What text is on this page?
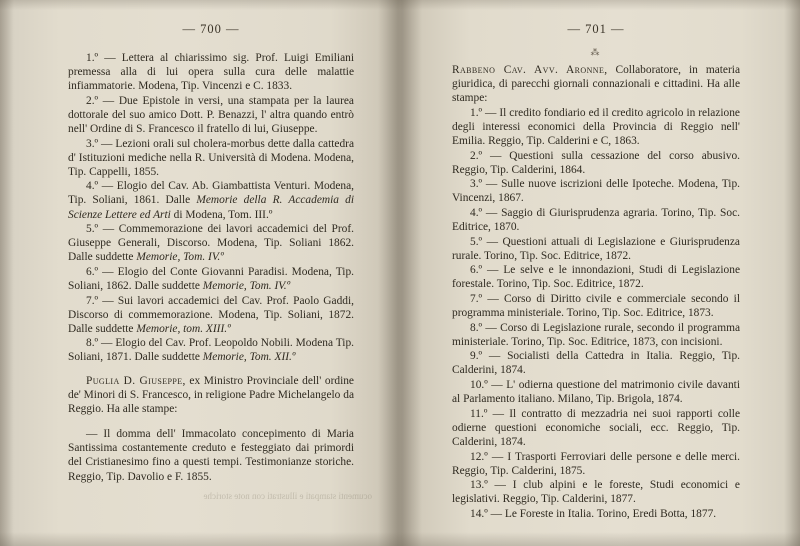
— 700 —

1.º — Lettera al chiarissimo sig. Prof. Luigi Emiliani premessa alla di lui opera sulla cura delle malattie infiammatorie. Modena, Tip. Vincenzi e C. 1833.

2.º — Due Epistole in versi, una stampata per la laurea dottorale del suo amico Dott. P. Benazzi, l' altra quando entrò nell' Ordine di S. Francesco il fratello di lui, Giuseppe.

3.º — Lezioni orali sul cholera-morbus dette dalla cattedra d' Istituzioni mediche nella R. Università di Modena. Modena, Tip. Cappelli, 1855.

4.º — Elogio del Cav. Ab. Giambattista Venturi. Modena, Tip. Soliani, 1861. Dalle Memorie della R. Accademia di Scienze Lettere ed Arti di Modena, Tom. III.º

5.º — Commemorazione dei lavori accademici del Prof. Giuseppe Generali, Discorso. Modena, Tip. Soliani 1862. Dalle suddette Memorie, Tom. IV.º

6.º — Elogio del Conte Giovanni Paradisi. Modena, Tip. Soliani, 1862. Dalle suddette Memorie, Tom. IV.º

7.º — Sui lavori accademici del Cav. Prof. Paolo Gaddi, Discorso di commemorazione. Modena, Tip. Soliani, 1872. Dalle suddette Memorie, tom. XIII.º

8.º — Elogio del Cav. Prof. Leopoldo Nobili. Modena Tip. Soliani, 1871. Dalle suddette Memorie, Tom. XII.º

Puglia D. Giuseppe, ex Ministro Provinciale dell' ordine de' Minori di S. Francesco, in religione Padre Michelangelo da Reggio. Ha alle stampe:

— Il domma dell' Immacolato concepimento di Maria Santissima costantemente creduto e festeggiato dai primordi del Cristianesimo fino a questi tempi. Testimonianze storiche. Reggio, Tip. Davolio e F. 1855.

ocumenti stampati e illustrati con note storiche
— 701 —
⁂

Rabbeno Cav. Avv. Aronne, Collaboratore, in materia giuridica, di parecchi giornali connazionali e cittadini. Ha alle stampe:

1.º — Il credito fondiario ed il credito agricolo in relazione degli interessi economici della Provincia di Reggio nell' Emilia. Reggio, Tip. Calderini e C, 1863.

2.º — Questioni sulla cessazione del corso abusivo. Reggio, Tip. Calderini, 1864.

3.º — Sulle nuove iscrizioni delle Ipoteche. Modena, Tip. Vincenzi, 1867.

4.º — Saggio di Giurisprudenza agraria. Torino, Tip. Soc. Editrice, 1870.

5.º — Questioni attuali di Legislazione e Giurisprudenza rurale. Torino, Tip. Soc. Editrice, 1872.

6.º — Le selve e le innondazioni, Studi di Legislazione forestale. Torino, Tip. Soc. Editrice, 1872.

7.º — Corso di Diritto civile e commerciale secondo il programma ministeriale. Torino, Tip. Soc. Editrice, 1873.

8.º — Corso di Legislazione rurale, secondo il programma ministeriale. Torino, Tip. Soc. Editrice, 1873, con incisioni.

9.º — Socialisti della Cattedra in Italia. Reggio, Tip. Calderini, 1874.

10.º — L' odierna questione del matrimonio civile davanti al Parlamento italiano. Milano, Tip. Brigola, 1874.

11.º — Il contratto di mezzadria nei suoi rapporti colle odierne questioni economiche sociali, ecc. Reggio, Tip. Calderini, 1874.

12.º — I Trasporti Ferroviari delle persone e delle merci. Reggio, Tip. Calderini, 1875.

13.º — I club alpini e le foreste, Studi economici e legislativi. Reggio, Tip. Calderini, 1877.

14.º — Le Foreste in Italia. Torino, Eredi Botta, 1877.
